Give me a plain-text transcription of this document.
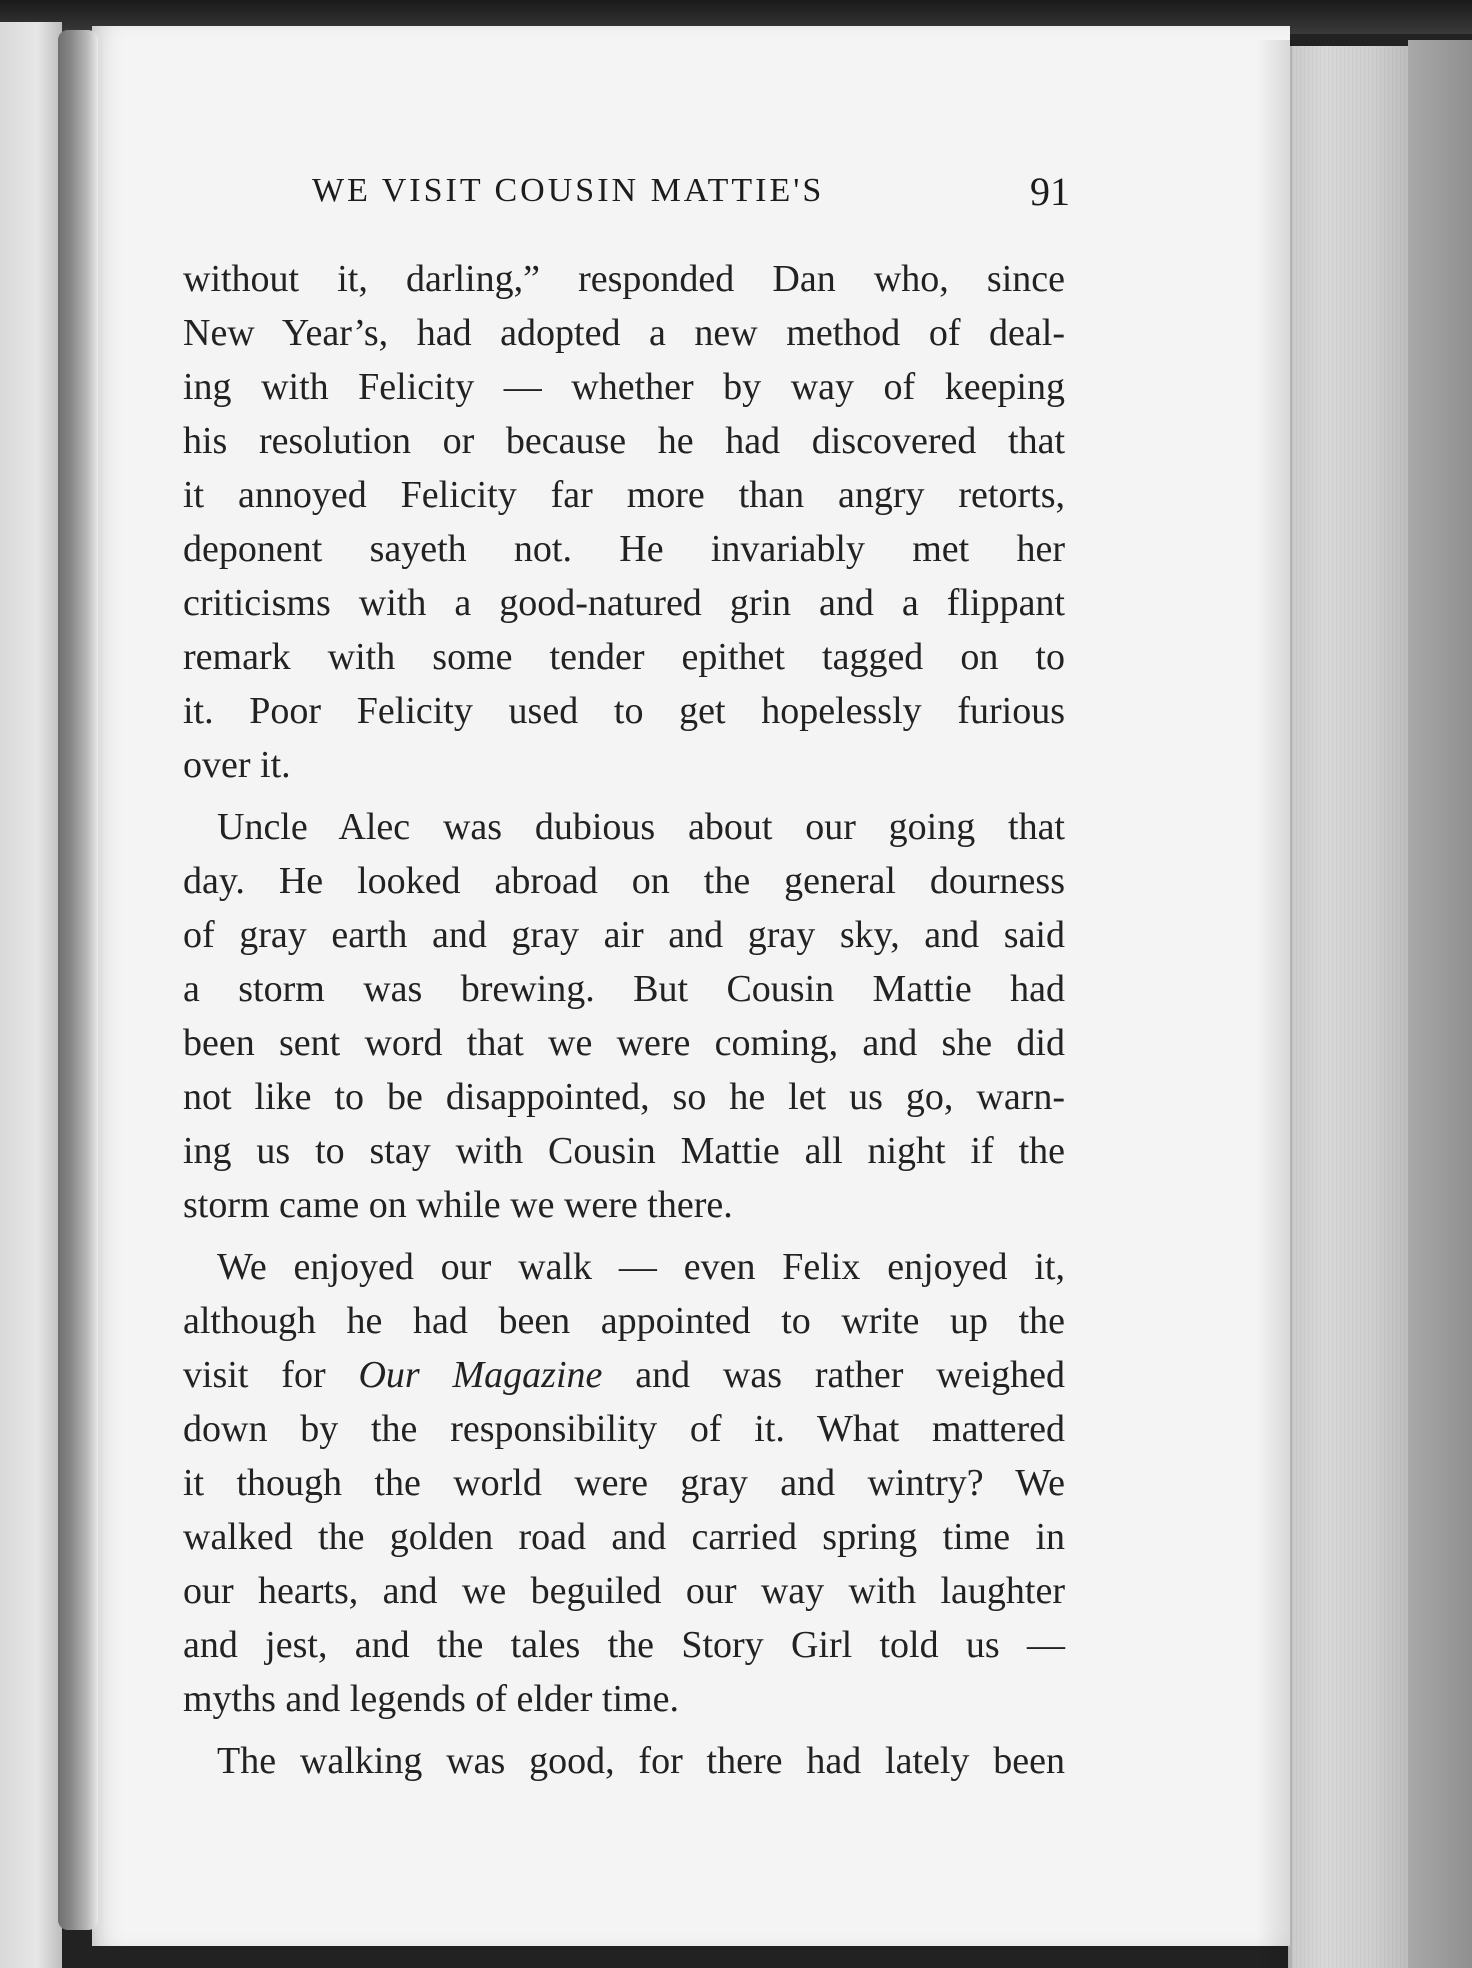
WE VISIT COUSIN MATTIE'S	91
without it, darling,” responded Dan who, since
New Year’s, had adopted a new method of deal-
ing with Felicity — whether by way of keeping
his resolution or because he had discovered that
it annoyed Felicity far more than angry retorts,
deponent sayeth not. He invariably met her
criticisms with a good-natured grin and a flippant
remark with some tender epithet tagged on to
it. Poor Felicity used to get hopelessly furious
over it.
Uncle Alec was dubious about our going that
day. He looked abroad on the general dourness
of gray earth and gray air and gray sky, and said
a storm was brewing. But Cousin Mattie had
been sent word that we were coming, and she did
not like to be disappointed, so he let us go, warn-
ing us to stay with Cousin Mattie all night if the
storm came on while we were there.
We enjoyed our walk — even Felix enjoyed it,
although he had been appointed to write up the
visit for Our Magazine and was rather weighed
down by the responsibility of it. What mattered
it though the world were gray and wintry? We
walked the golden road and carried spring time in
our hearts, and we beguiled our way with laughter
and jest, and the tales the Story Girl told us —
myths and legends of elder time.
The walking was good, for there had lately been
